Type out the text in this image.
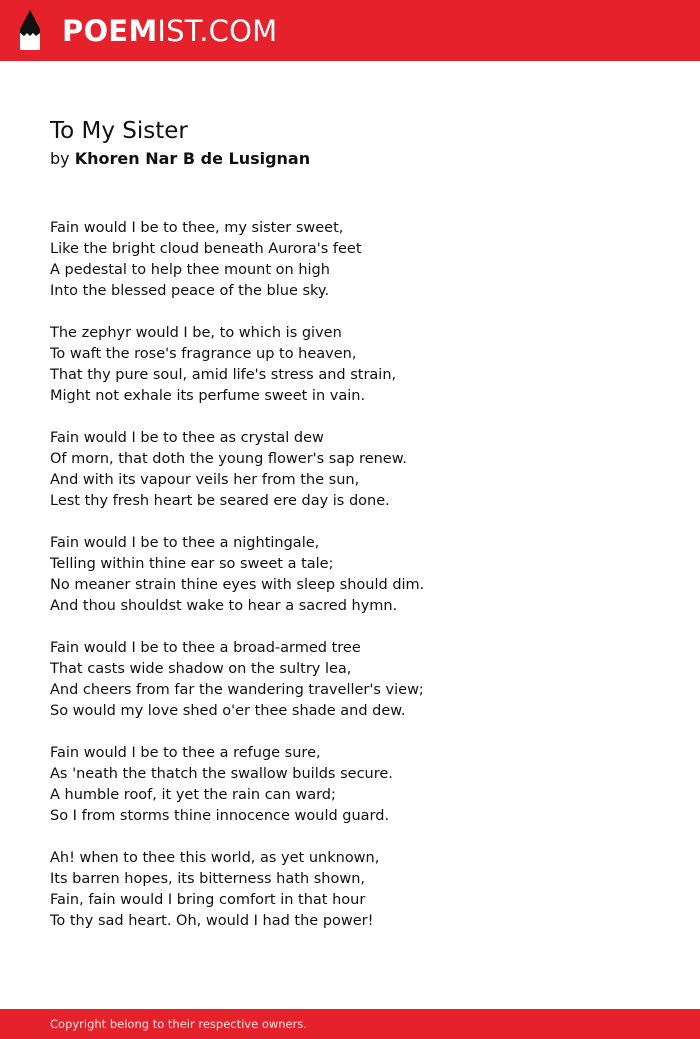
POEMIST.COM
To My Sister
by Khoren Nar B de Lusignan
Fain would I be to thee, my sister sweet,
Like the bright cloud beneath Aurora's feet
A pedestal to help thee mount on high
Into the blessed peace of the blue sky.
The zephyr would I be, to which is given
To waft the rose's fragrance up to heaven,
That thy pure soul, amid life's stress and strain,
Might not exhale its perfume sweet in vain.
Fain would I be to thee as crystal dew
Of morn, that doth the young flower's sap renew.
And with its vapour veils her from the sun,
Lest thy fresh heart be seared ere day is done.
Fain would I be to thee a nightingale,
Telling within thine ear so sweet a tale;
No meaner strain thine eyes with sleep should dim.
And thou shouldst wake to hear a sacred hymn.
Fain would I be to thee a broad-armed tree
That casts wide shadow on the sultry lea,
And cheers from far the wandering traveller's view;
So would my love shed o'er thee shade and dew.
Fain would I be to thee a refuge sure,
As 'neath the thatch the swallow builds secure.
A humble roof, it yet the rain can ward;
So I from storms thine innocence would guard.
Ah! when to thee this world, as yet unknown,
Its barren hopes, its bitterness hath shown,
Fain, fain would I bring comfort in that hour
To thy sad heart. Oh, would I had the power!
Copyright belong to their respective owners.
